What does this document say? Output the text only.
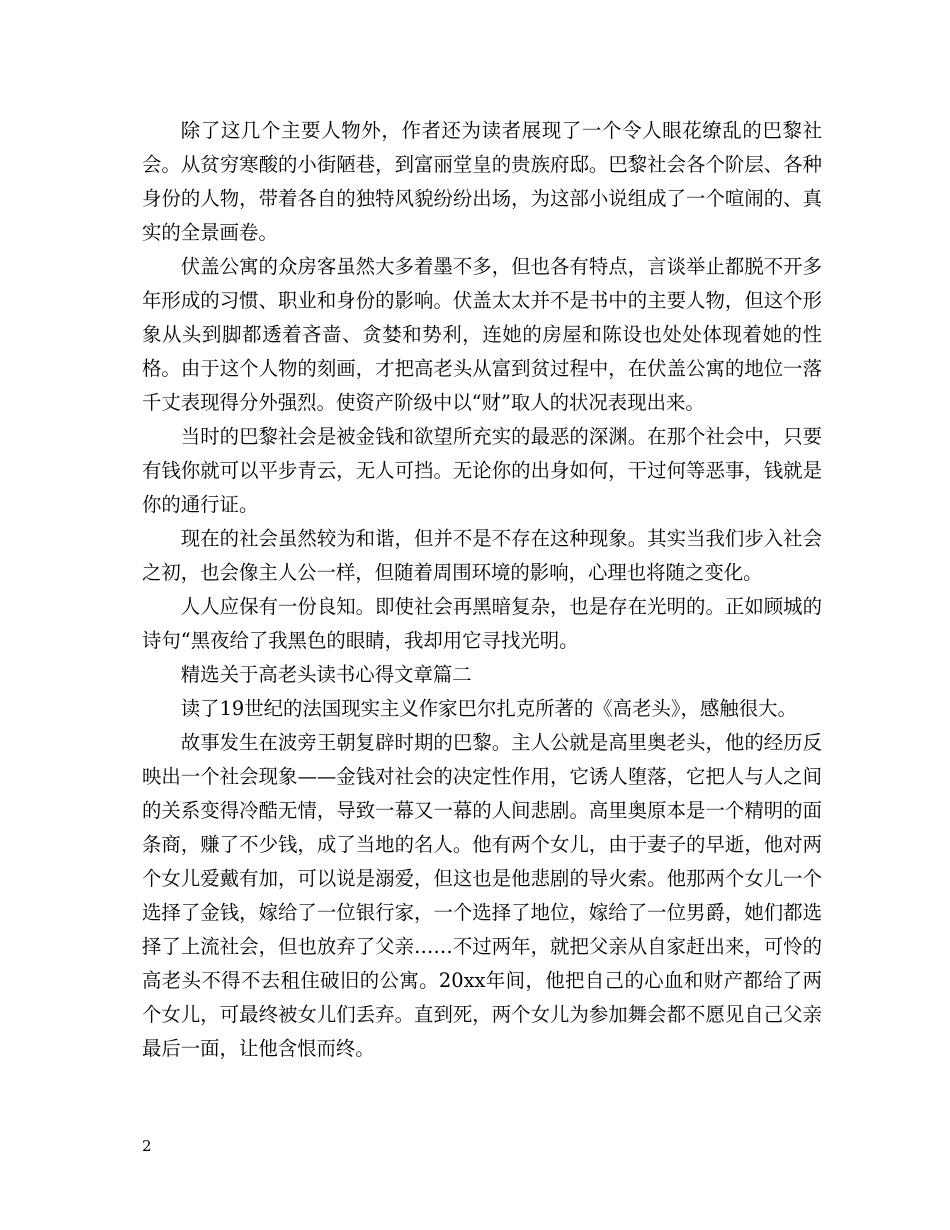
除了这几个主要人物外，作者还为读者展现了一个令人眼花缭乱的巴黎社会。从贫穷寒酸的小街陋巷，到富丽堂皇的贵族府邸。巴黎社会各个阶层、各种身份的人物，带着各自的独特风貌纷纷出场，为这部小说组成了一个喧闹的、真实的全景画卷。

伏盖公寓的众房客虽然大多着墨不多，但也各有特点，言谈举止都脱不开多年形成的习惯、职业和身份的影响。伏盖太太并不是书中的主要人物，但这个形象从头到脚都透着吝啬、贪婪和势利，连她的房屋和陈设也处处体现着她的性格。由于这个人物的刻画，才把高老头从富到贫过程中，在伏盖公寓的地位一落千丈表现得分外强烈。使资产阶级中以“财”取人的状况表现出来。

当时的巴黎社会是被金钱和欲望所充实的最恶的深渊。在那个社会中，只要有钱你就可以平步青云，无人可挡。无论你的出身如何，干过何等恶事，钱就是你的通行证。

现在的社会虽然较为和谐，但并不是不存在这种现象。其实当我们步入社会之初，也会像主人公一样，但随着周围环境的影响，心理也将随之变化。

人人应保有一份良知。即使社会再黑暗复杂，也是存在光明的。正如顾城的诗句“黑夜给了我黑色的眼睛，我却用它寻找光明。

精选关于高老头读书心得文章篇二

读了19世纪的法国现实主义作家巴尔扎克所著的《高老头》，感触很大。

故事发生在波旁王朝复辟时期的巴黎。主人公就是高里奥老头，他的经历反映出一个社会现象——金钱对社会的决定性作用，它诱人堕落，它把人与人之间的关系变得冷酷无情，导致一幕又一幕的人间悲剧。高里奥原本是一个精明的面条商，赚了不少钱，成了当地的名人。他有两个女儿，由于妻子的早逝，他对两个女儿爱戴有加，可以说是溺爱，但这也是他悲剧的导火索。他那两个女儿一个选择了金钱，嫁给了一位银行家，一个选择了地位，嫁给了一位男爵，她们都选择了上流社会，但也放弃了父亲……不过两年，就把父亲从自家赶出来，可怜的高老头不得不去租住破旧的公寓。20xx年间，他把自己的心血和财产都给了两个女儿，可最终被女儿们丢弃。直到死，两个女儿为参加舞会都不愿见自己父亲最后一面，让他含恨而终。

2
